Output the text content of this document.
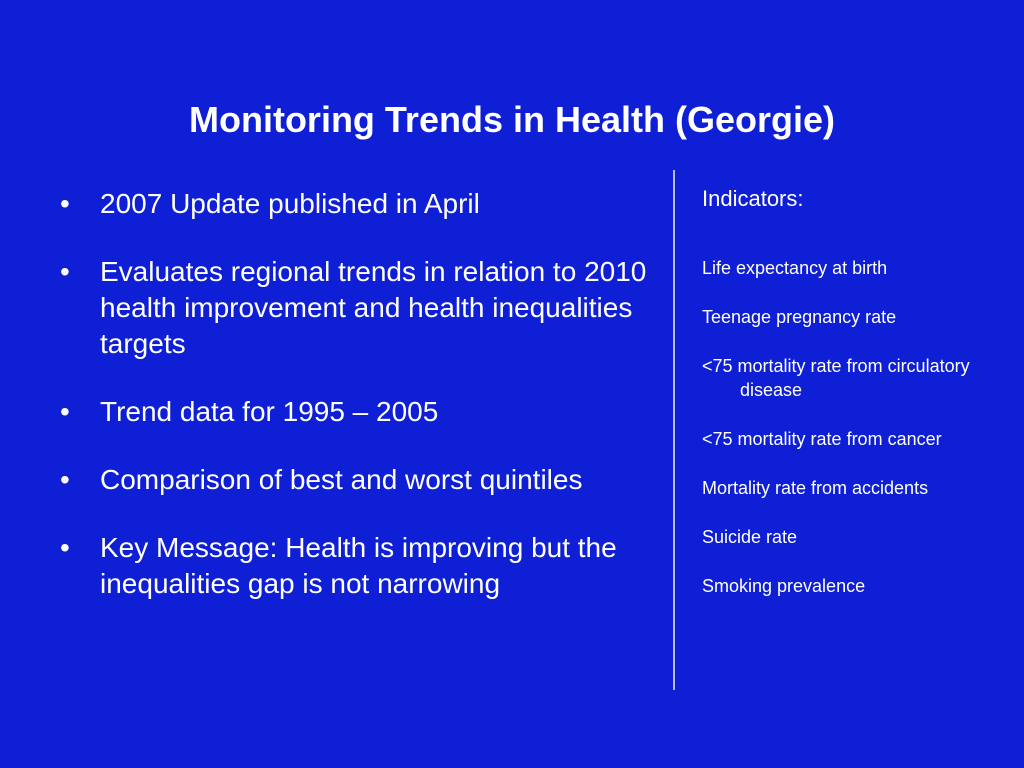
Monitoring Trends in Health (Georgie)
• 2007 Update published in April
• Evaluates regional trends in relation to 2010 health improvement and health inequalities targets
• Trend data for 1995 – 2005
• Comparison of best and worst quintiles
• Key Message: Health is improving but the inequalities gap is not narrowing
Indicators:
Life expectancy at birth
Teenage pregnancy rate
<75 mortality rate from circulatory disease
<75 mortality rate from cancer
Mortality rate from accidents
Suicide rate
Smoking prevalence
